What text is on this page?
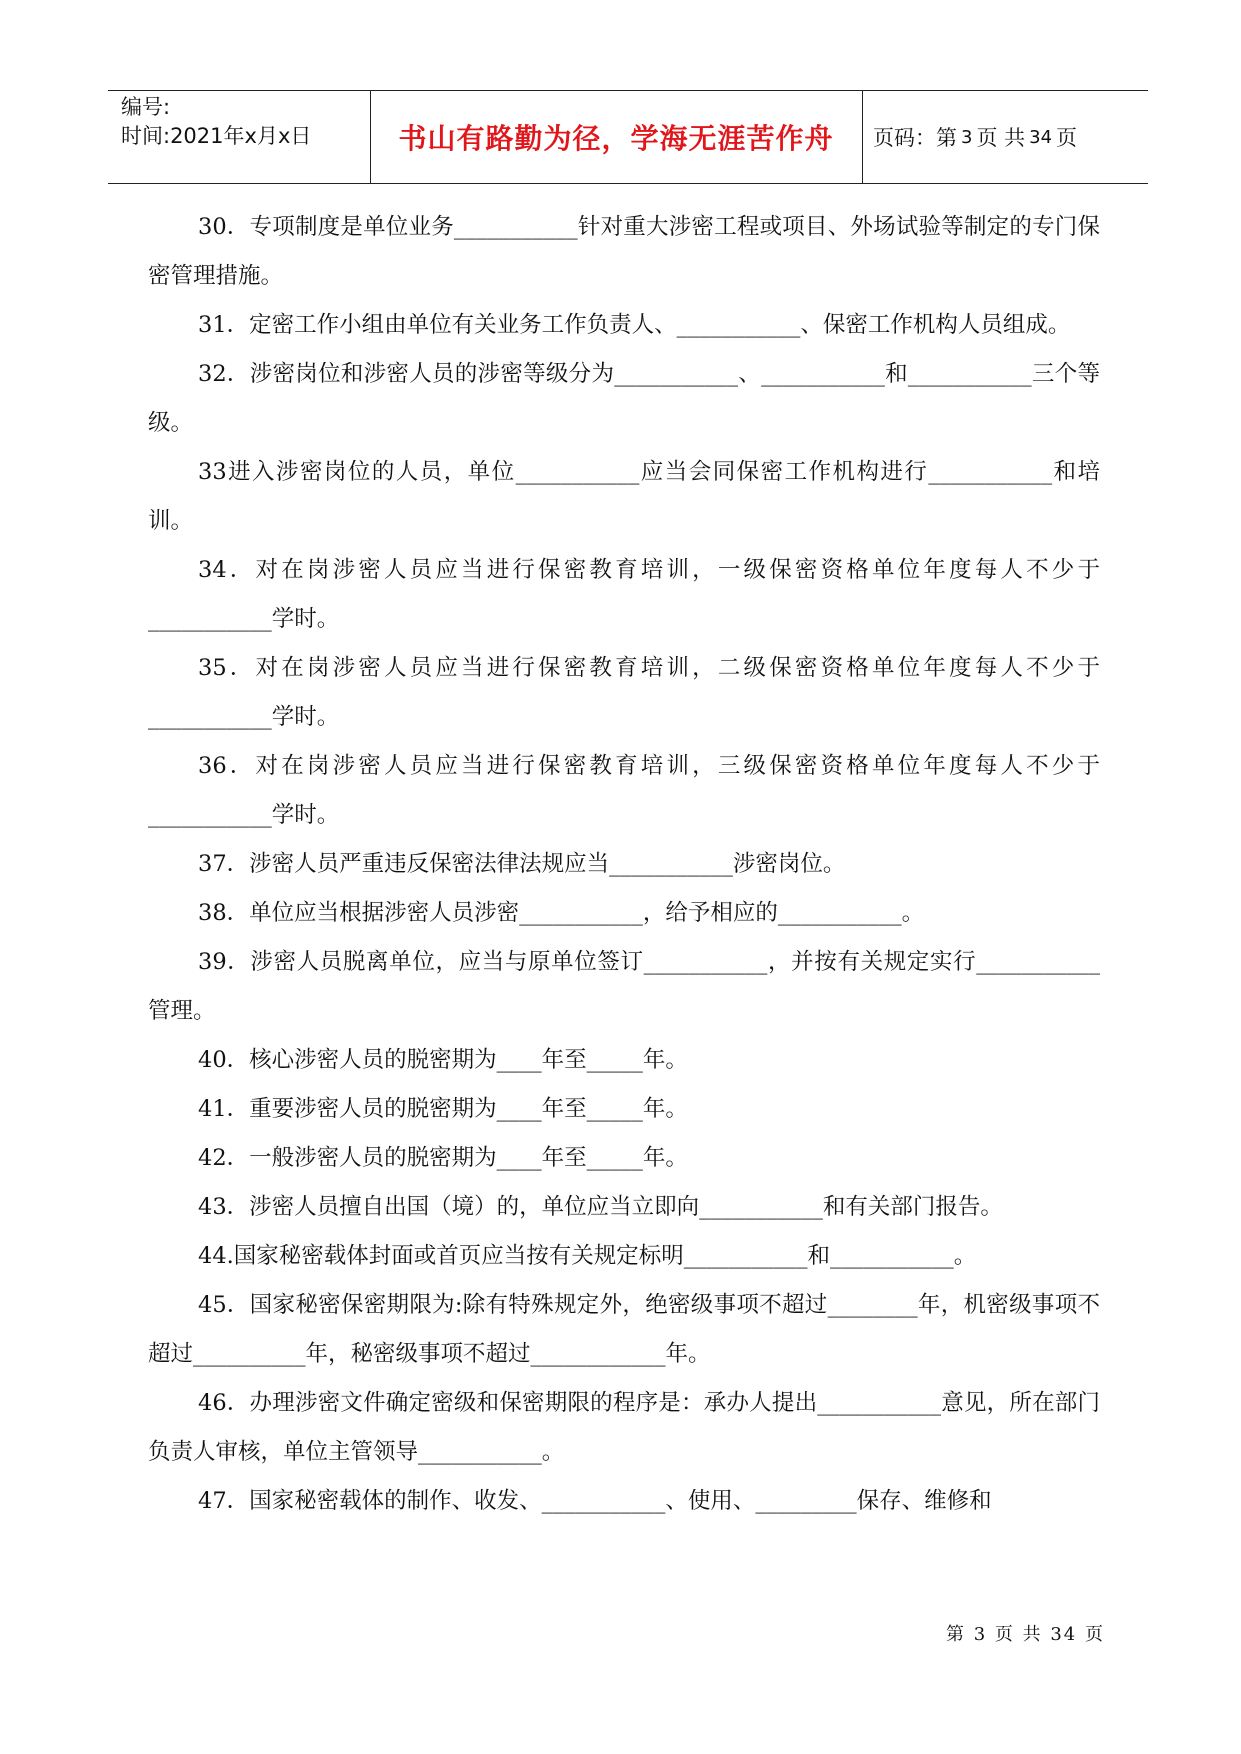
编号:
时间:2021年x月x日	书山有路勤为径，学海无涯苦作舟	页码：第 3 页 共 34 页

30．专项制度是单位业务___________针对重大涉密工程或项目、外场试验等制定的专门保密管理措施。

31．定密工作小组由单位有关业务工作负责人、___________、保密工作机构人员组成。

32．涉密岗位和涉密人员的涉密等级分为___________、___________和___________三个等级。

33进入涉密岗位的人员，单位___________应当会同保密工作机构进行___________和培训。

34．对在岗涉密人员应当进行保密教育培训，一级保密资格单位年度每人不少于___________学时。

35．对在岗涉密人员应当进行保密教育培训，二级保密资格单位年度每人不少于___________学时。

36．对在岗涉密人员应当进行保密教育培训，三级保密资格单位年度每人不少于___________学时。

37．涉密人员严重违反保密法律法规应当___________涉密岗位。

38．单位应当根据涉密人员涉密___________，给予相应的___________。

39．涉密人员脱离单位，应当与原单位签订___________，并按有关规定实行___________管理。

40．核心涉密人员的脱密期为____年至_____年。

41．重要涉密人员的脱密期为____年至_____年。

42．一般涉密人员的脱密期为____年至_____年。

43．涉密人员擅自出国（境）的，单位应当立即向___________和有关部门报告。

44.国家秘密载体封面或首页应当按有关规定标明___________和___________。

45．国家秘密保密期限为:除有特殊规定外，绝密级事项不超过________年，机密级事项不超过__________年，秘密级事项不超过____________年。

46．办理涉密文件确定密级和保密期限的程序是：承办人提出___________意见，所在部门负责人审核，单位主管领导___________。

47．国家秘密载体的制作、收发、___________、使用、_________保存、维修和

第 3 页 共 34 页
